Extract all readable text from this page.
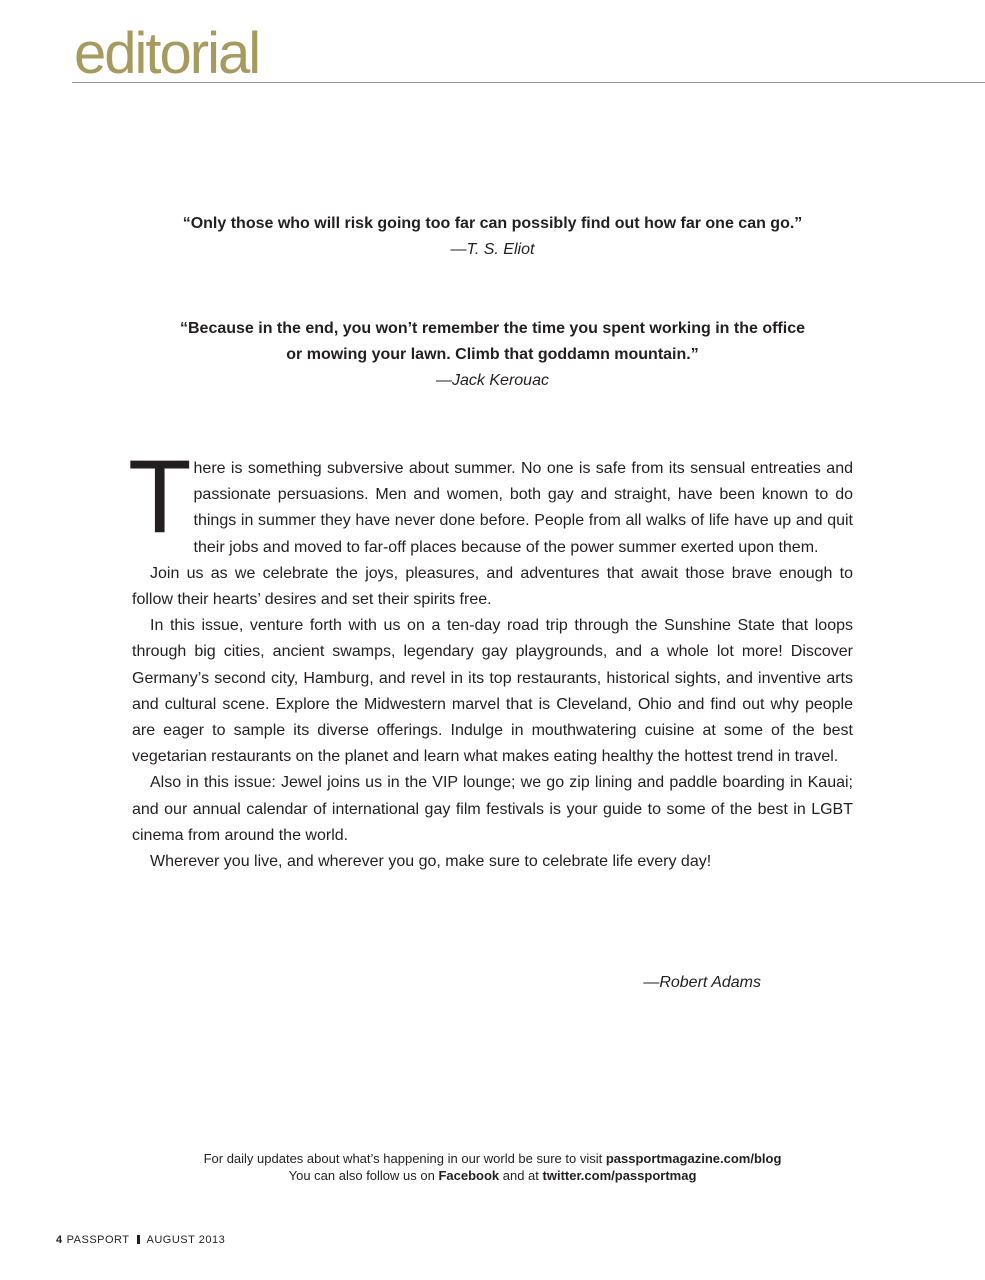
editorial

“Only those who will risk going too far can possibly find out how far one can go.”

—T. S. Eliot

“Because in the end, you won’t remember the time you spent working in the office

or mowing your lawn. Climb that goddamn mountain.”

—Jack Kerouac

There is something subversive about summer. No one is safe from its sensual entreaties and passionate persuasions. Men and women, both gay and straight, have been known to do things in summer they have never done before. People from all walks of life have up and quit their jobs and moved to far-off places because of the power summer exerted upon them.

Join us as we celebrate the joys, pleasures, and adventures that await those brave enough to follow their hearts’ desires and set their spirits free.

In this issue, venture forth with us on a ten-day road trip through the Sunshine State that loops through big cities, ancient swamps, legendary gay playgrounds, and a whole lot more! Discover Germany’s second city, Hamburg, and revel in its top restaurants, historical sights, and inventive arts and cultural scene. Explore the Midwestern marvel that is Cleveland, Ohio and find out why people are eager to sample its diverse offerings. Indulge in mouthwatering cuisine at some of the best vegetarian restaurants on the planet and learn what makes eating healthy the hottest trend in travel.

Also in this issue: Jewel joins us in the VIP lounge; we go zip lining and paddle boarding in Kauai; and our annual calendar of international gay film festivals is your guide to some of the best in LGBT cinema from around the world.

Wherever you live, and wherever you go, make sure to celebrate life every day!

—Robert Adams
For daily updates about what’s happening in our world be sure to visit passportmagazine.com/blog
You can also follow us on Facebook and at twitter.com/passportmag
4 PASSPORT AUGUST 2013
